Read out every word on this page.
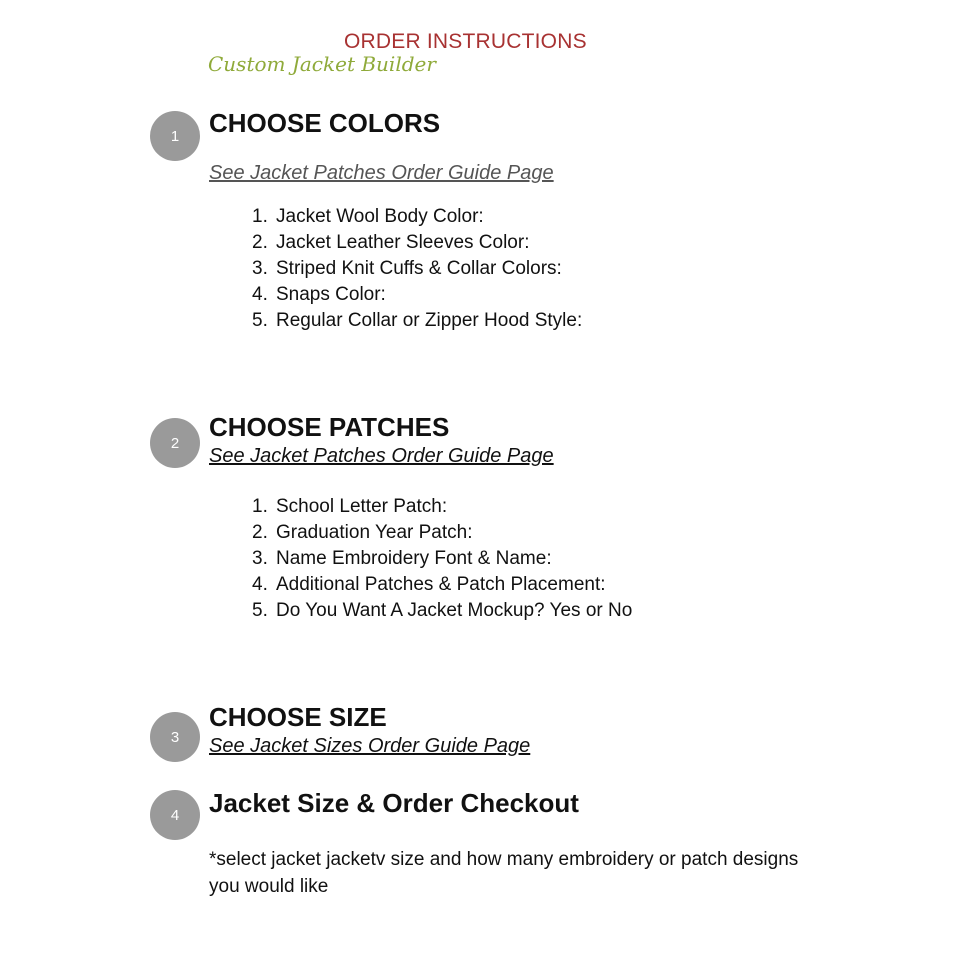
ORDER INSTRUCTIONS
Custom Jacket Builder
1	CHOOSE COLORS
See Jacket Patches Order Guide Page
1. Jacket Wool Body Color:
2. Jacket Leather Sleeves Color:
3. Striped Knit Cuffs & Collar Colors:
4. Snaps Color:
5. Regular Collar or Zipper Hood Style:
2
CHOOSE PATCHES
See Jacket Patches Order Guide Page
1. School Letter Patch:
2. Graduation Year Patch:
3. Name Embroidery Font & Name:
4. Additional Patches & Patch Placement:
5. Do You Want A Jacket Mockup? Yes or No
3
CHOOSE SIZE
See Jacket Sizes Order Guide Page
4	Jacket Size & Order Checkout

*select jacket jacketv size and how many embroidery or patch designs you would like
